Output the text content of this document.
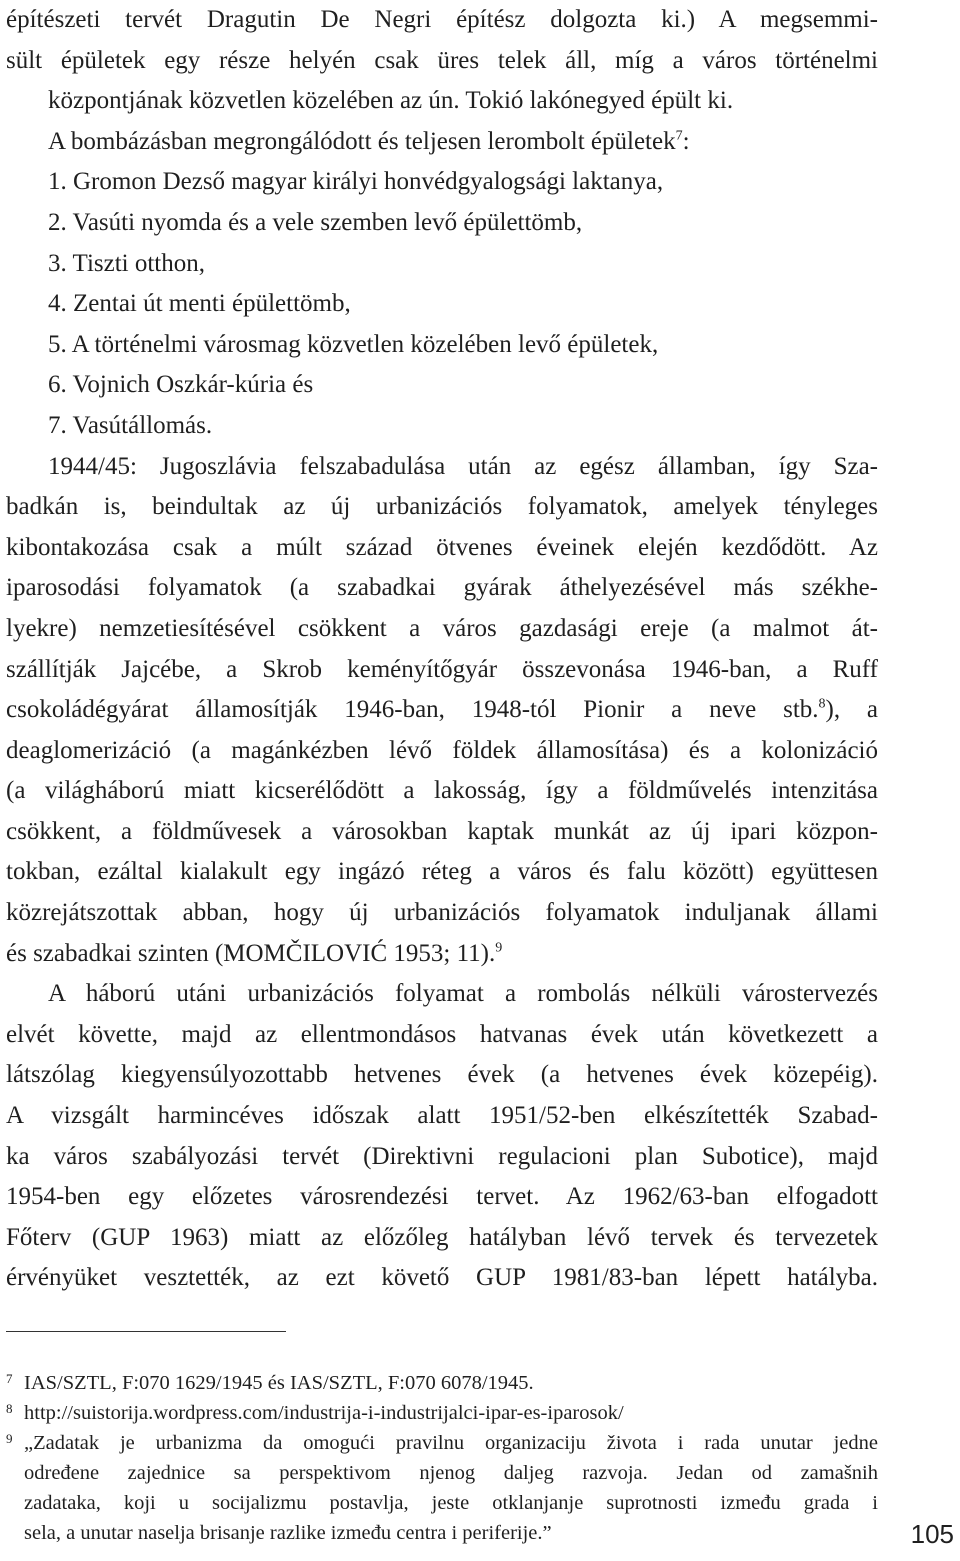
építészeti tervét Dragutin De Negri építész dolgozta ki.) A megsemmi-
sült épületek egy része helyén csak üres telek áll, míg a város történelmi
központjának közvetlen közelében az ún. Tokió lakónegyed épült ki.
A bombázásban megrongálódott és teljesen lerombolt épületek$^7$:
1. Gromon Dezső magyar királyi honvédgyalogsági laktanya,
2. Vasúti nyomda és a vele szemben levő épülettömb,
3. Tiszti otthon,
4. Zentai út menti épülettömb,
5. A történelmi városmag közvetlen közelében levő épületek,
6. Vojnich Oszkár-kúria és
7. Vasútállomás.
1944/45: Jugoszlávia felszabadulása után az egész államban, így Sza-
badkán is, beindultak az új urbanizációs folyamatok, amelyek tényleges
kibontakozása csak a múlt század ötvenes éveinek elején kezdődött. Az
iparosodási folyamatok (a szabadkai gyárak áthelyezésével más székhe-
lyekre) nemzetiesítésével csökkent a város gazdasági ereje (a malmot át-
szállítják Jajcébe, a Skrob keményítőgyár összevonása 1946-ban, a Ruff
csokoládégyárat államosítják 1946-ban, 1948-tól Pionir a neve stb.$^8$), a
deaglomerizáció (a magánkézben lévő földek államosítása) és a kolonizáció
(a világháború miatt kicserélődött a lakosság, így a földművelés intenzitása
csökkent, a földművesek a városokban kaptak munkát az új ipari közpon-
tokban, ezáltal kialakult egy ingázó réteg a város és falu között) együttesen
közrejátszottak abban, hogy új urbanizációs folyamatok induljanak állami
és szabadkai szinten (MOMČILOVIĆ 1953; 11).$^9$
A háború utáni urbanizációs folyamat a rombolás nélküli várostervezés
elvét követte, majd az ellentmondásos hatvanas évek után következett a
látszólag kiegyensúlyozottabb hetvenes évek (a hetvenes évek közepéig).
A vizsgált harmincéves időszak alatt 1951/52-ben elkészítették Szabad-
ka város szabályozási tervét (Direktivni regulacioni plan Subotice), majd
1954-ben egy előzetes városrendezési tervet. Az 1962/63-ban elfogadott
Főterv (GUP 1963) miatt az előzőleg hatályban lévő tervek és tervezetek
érvényüket vesztették, az ezt követő GUP 1981/83-ban lépett hatályba.
7 IAS/SZTL, F:070 1629/1945 és IAS/SZTL, F:070 6078/1945.
8 http://suistorija.wordpress.com/industrija-i-industrijalci-ipar-es-iparosok/
9 „Zadatak je urbanizma da omogući pravilnu organizaciju života i rada unutar jedne
određene zajednice sa perspektivom njenog daljeg razvoja. Jedan od zamašnih
zadataka, koji u socijalizmu postavlja, jeste otklanjanje suprotnosti između grada i
sela, a unutar naselja brisanje razlike između centra i periferije.”	105
